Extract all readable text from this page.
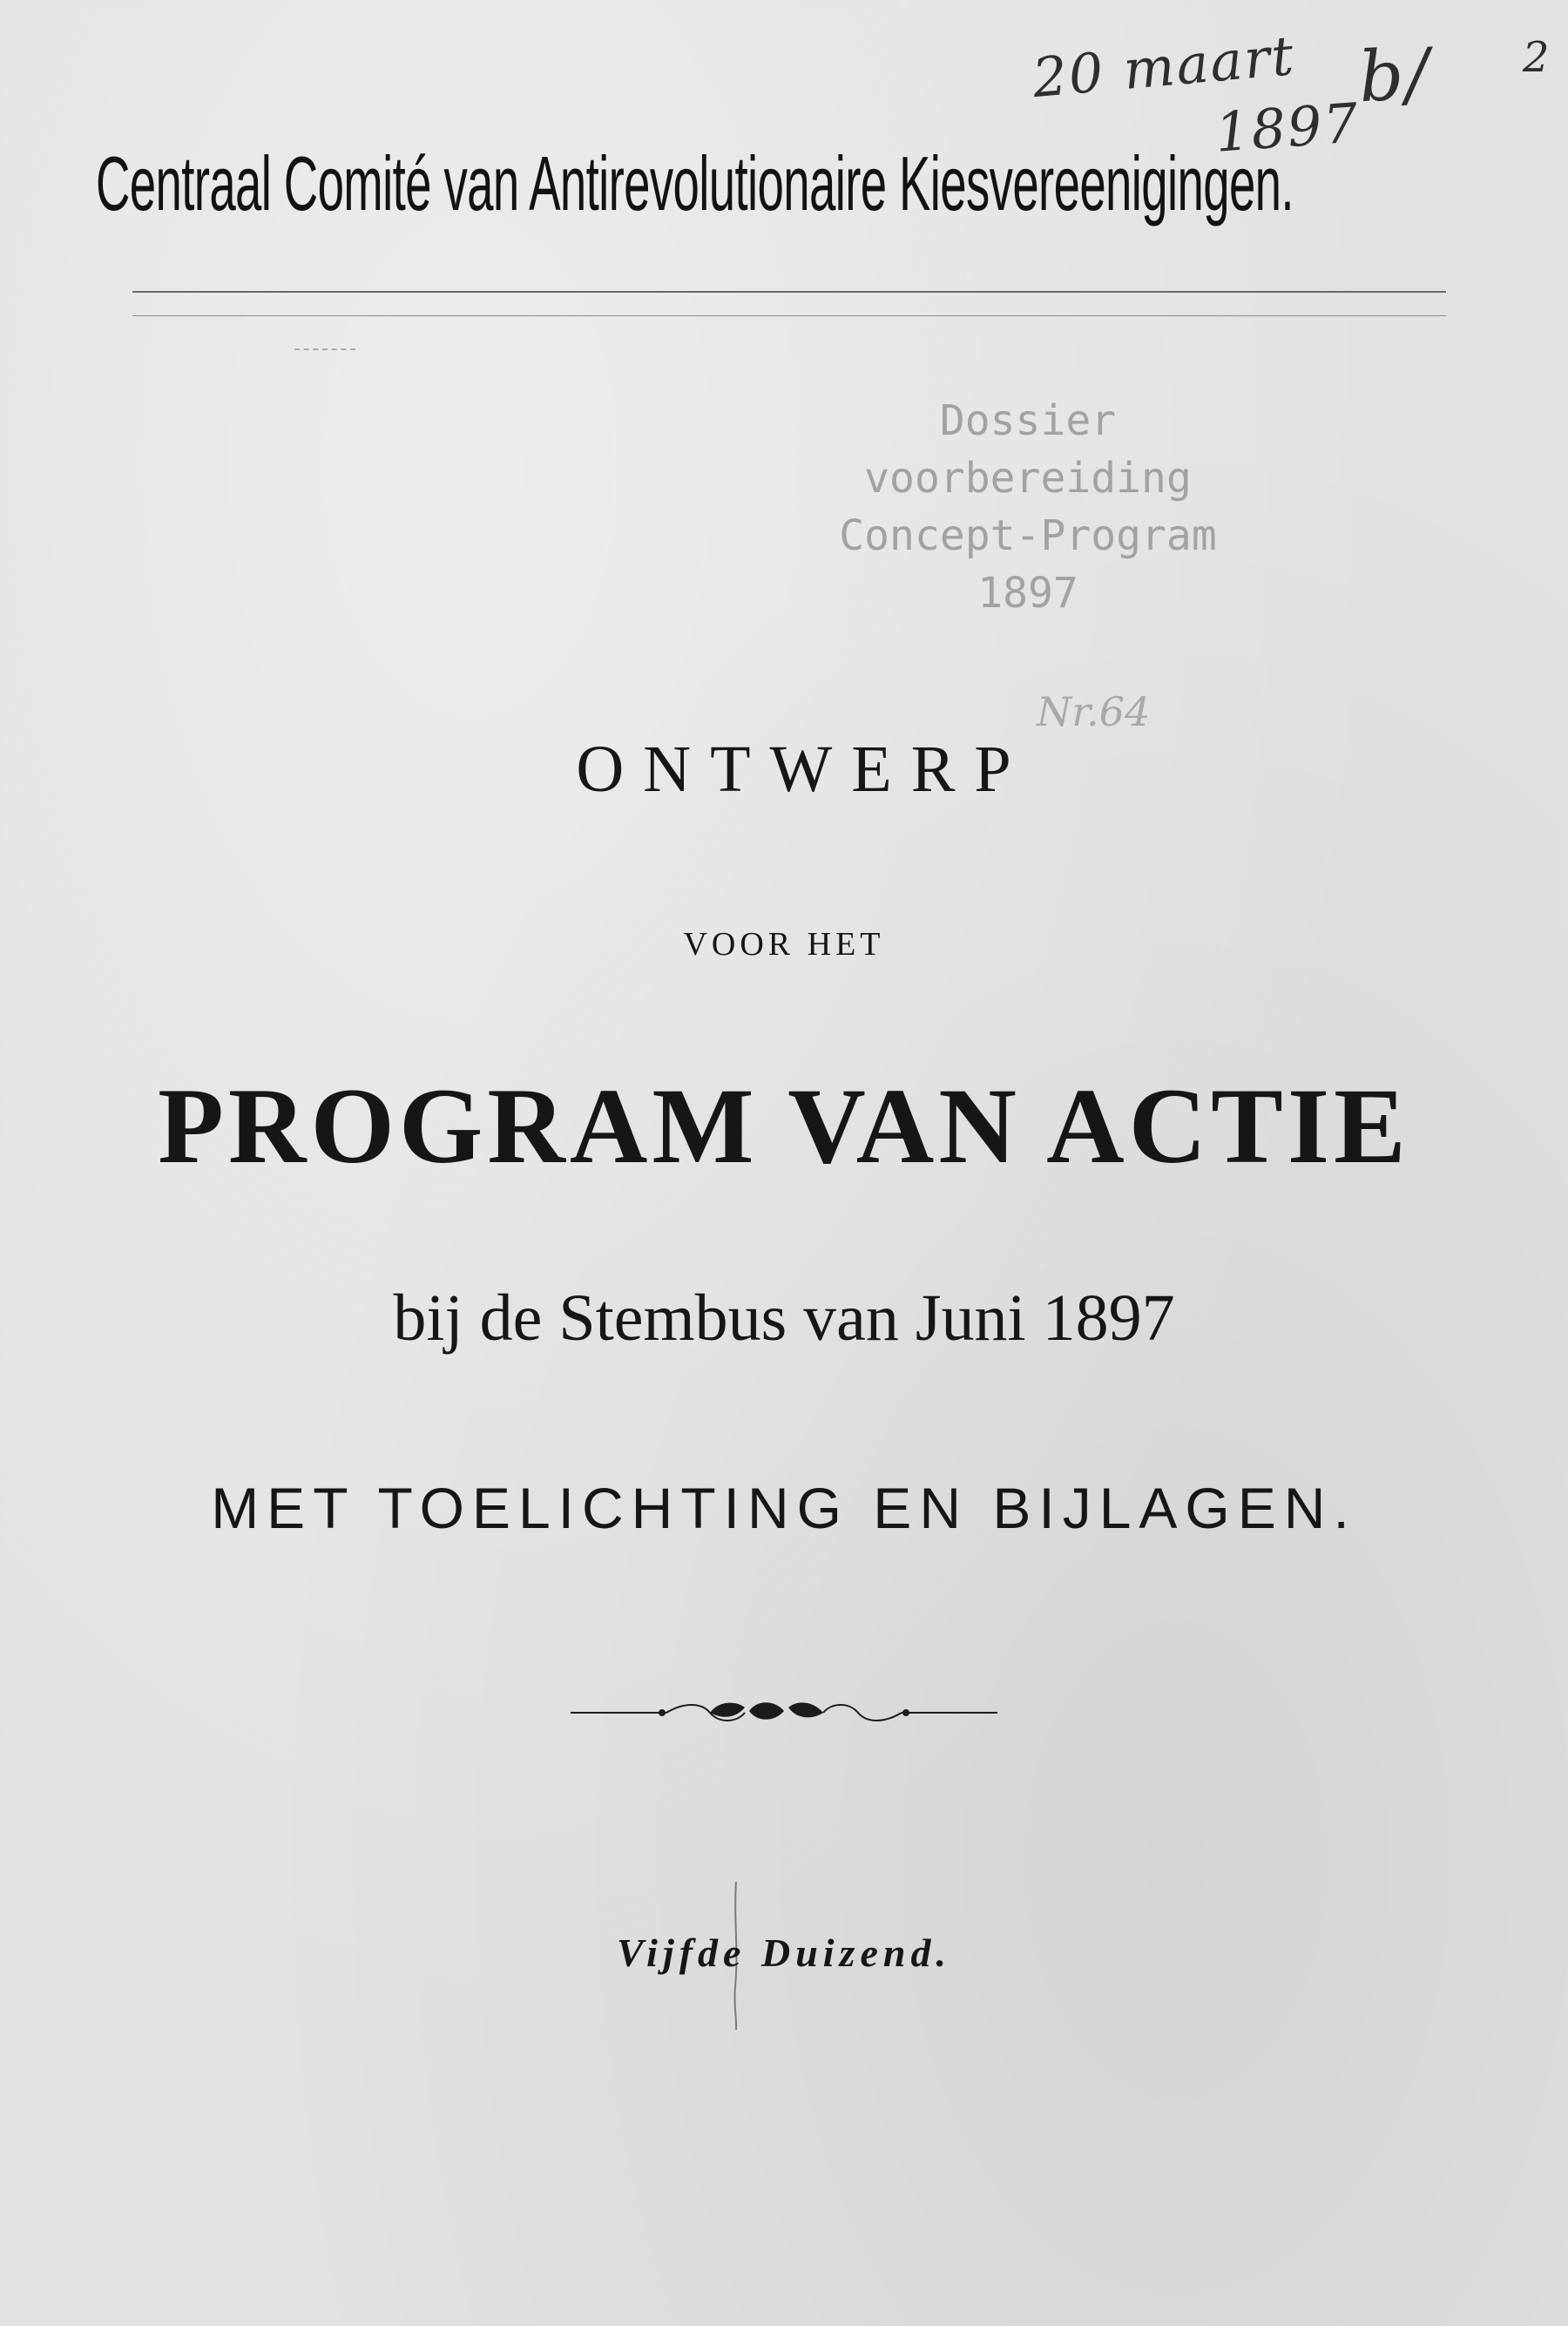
20 maart
1897
b/ 2
Centraal Comité van Antirevolutionaire Kiesvereenigingen.
Dossier
voorbereiding
Concept-Program
1897
Nr.64
ONTWERP
VOOR HET
PROGRAM VAN ACTIE
bij de Stembus van Juni 1897
MET TOELICHTING EN BIJLAGEN.
Vijfde Duizend.
